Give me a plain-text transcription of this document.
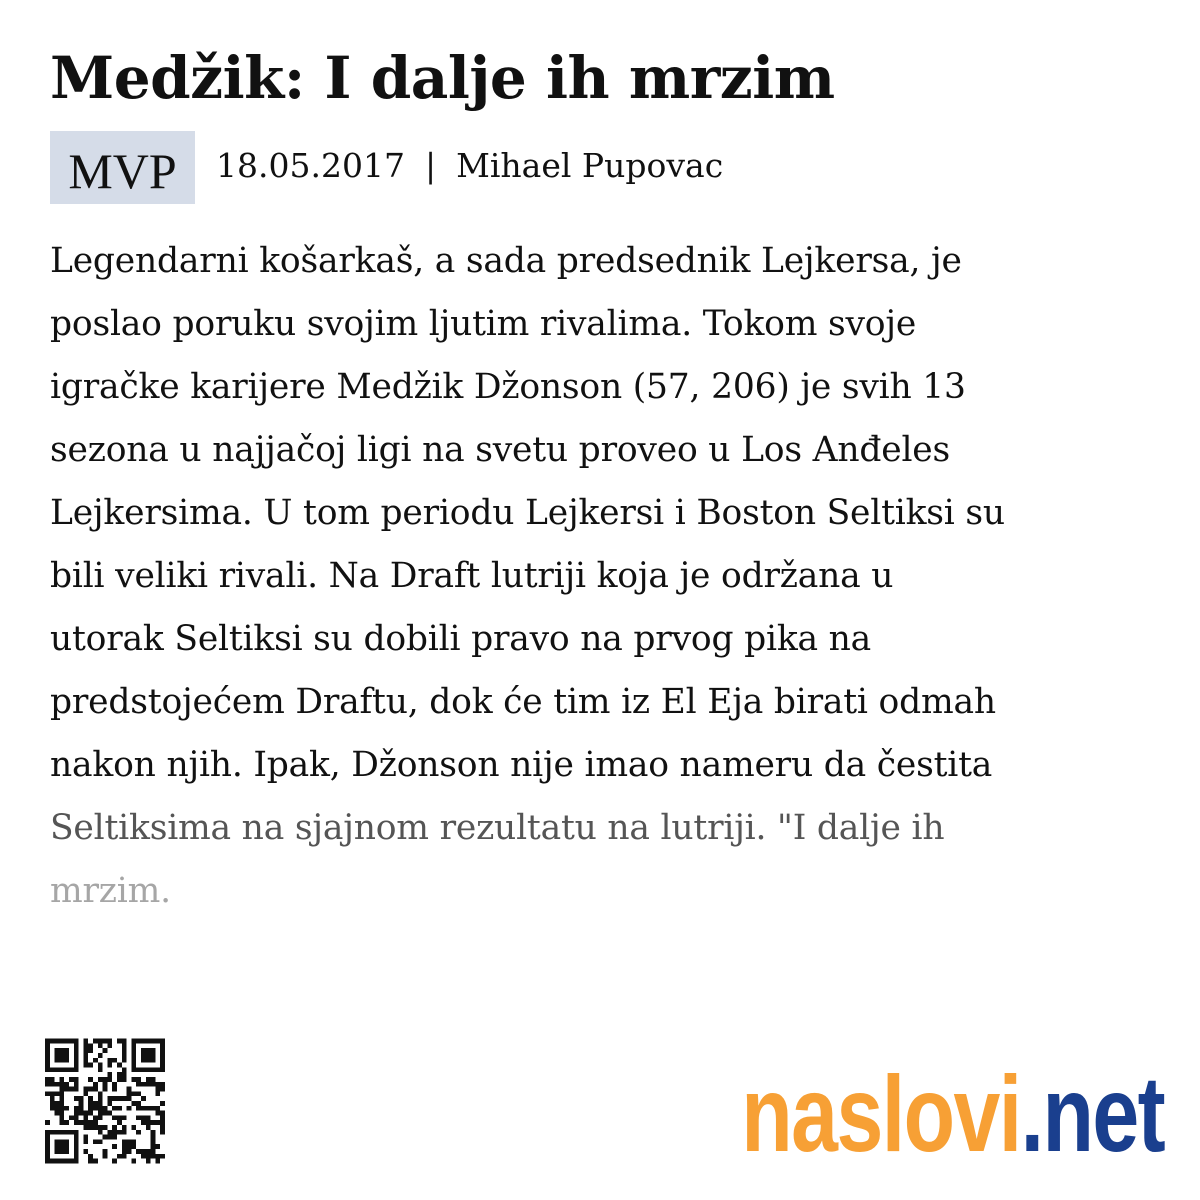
Medžik: I dalje ih mrzim
MVP	18.05.2017 | Mihael Pupovac

Legendarni košarkaš, a sada predsednik Lejkersa, je
poslao poruku svojim ljutim rivalima. Tokom svoje
igračke karijere Medžik Džonson (57, 206) je svih 13
sezona u najjačoj ligi na svetu proveo u Los Anđeles
Lejkersima. U tom periodu Lejkersi i Boston Seltiksi su
bili veliki rivali. Na Draft lutriji koja je održana u
utorak Seltiksi su dobili pravo na prvog pika na
predstojećem Draftu, dok će tim iz El Eja birati odmah
nakon njih. Ipak, Džonson nije imao nameru da čestita
Seltiksima na sjajnom rezultatu na lutriji. "I dalje ih
mrzim.

naslovi .net
